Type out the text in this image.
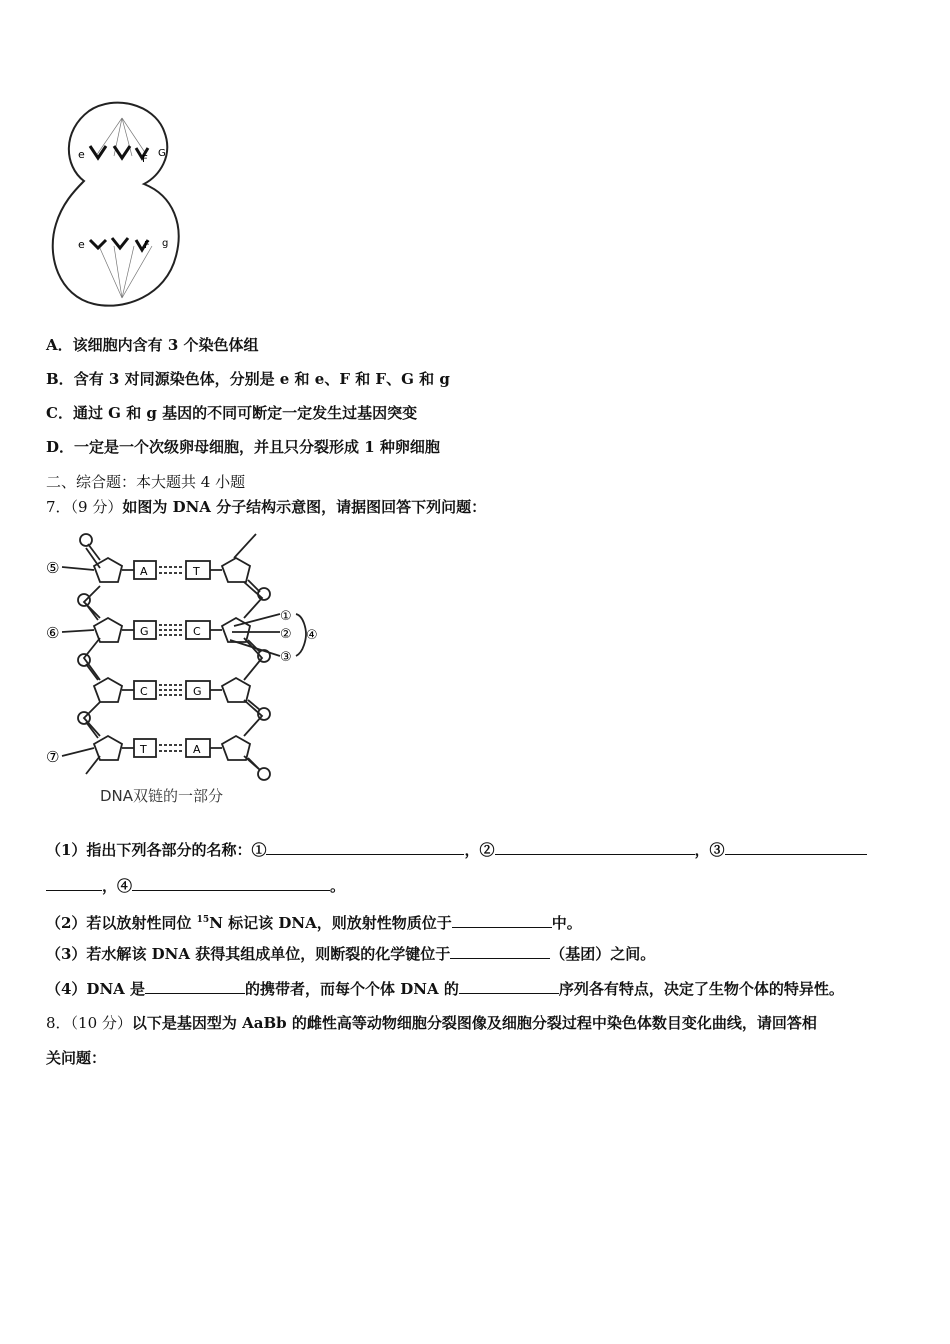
e	F
G
e	F g
A．该细胞内含有 3 个染色体组
B．含有 3 对同源染色体，分别是 e 和 e、F 和 F、G 和 g
C．通过 G 和 g 基因的不同可断定一定发生过基因突变
D．一定是一个次级卵母细胞，并且只分裂形成 1 种卵细胞
二、综合题：本大题共 4 小题
7．（9 分）如图为 DNA 分子结构示意图，请据图回答下列问题：
A	T
G	C
C	G
T	A
⑤
⑥
⑦
①
②
③
④
DNA双链的一部分
（1）指出下列各部分的名称：①	，②	，③
，④	。
（2）若以放射性同位 $^{15}$N 标记该 DNA，则放射性物质位于	中。
（3）若水解该 DNA 获得其组成单位，则断裂的化学键位于	（基团）之间。
（4）DNA 是	的携带者，而每个个体 DNA 的	序列各有特点，决定了生物个体的特异性。
8．（10 分）以下是基因型为 AaBb 的雌性高等动物细胞分裂图像及细胞分裂过程中染色体数目变化曲线，请回答相
关问题：
